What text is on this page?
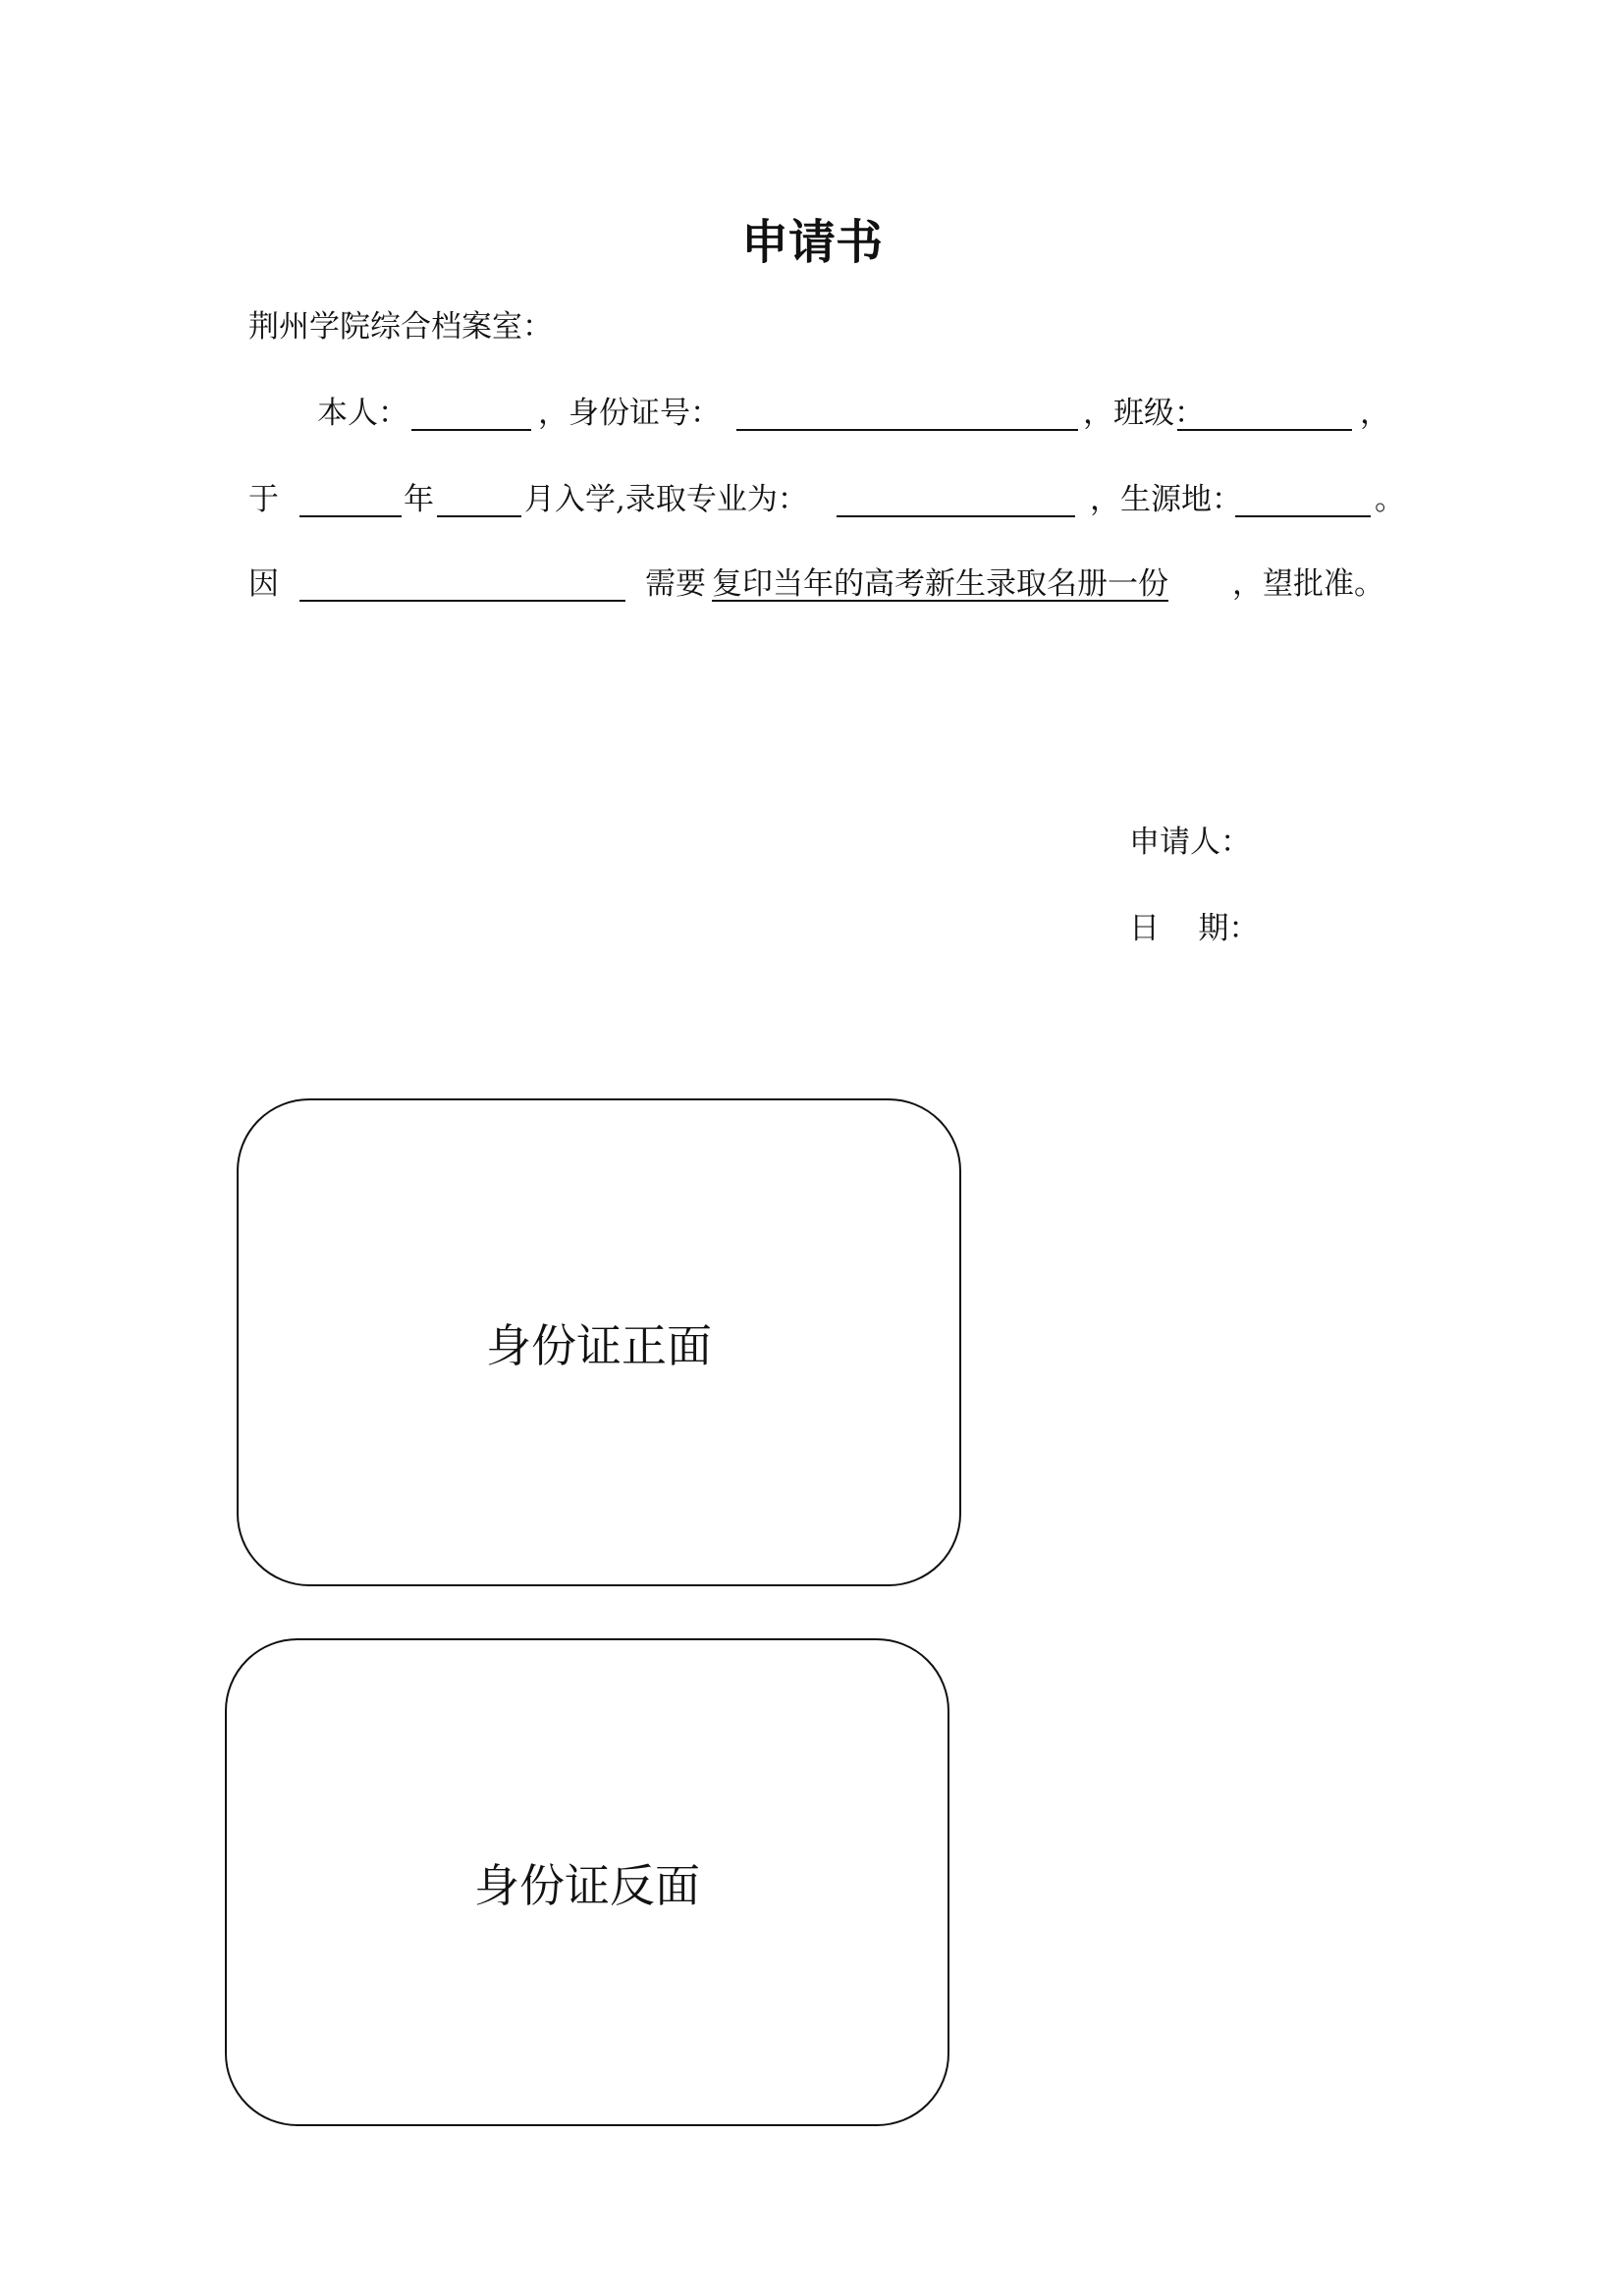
申请书
荆州学院综合档案室：
本人：	，身份证号：	，班级：	，
于	年	月入学,录取专业为：	，生源地：	。
因	需要 复印当年的高考新生录取名册一份 ，望批准。
申请人：
日    期：
身份证正面
身份证反面
